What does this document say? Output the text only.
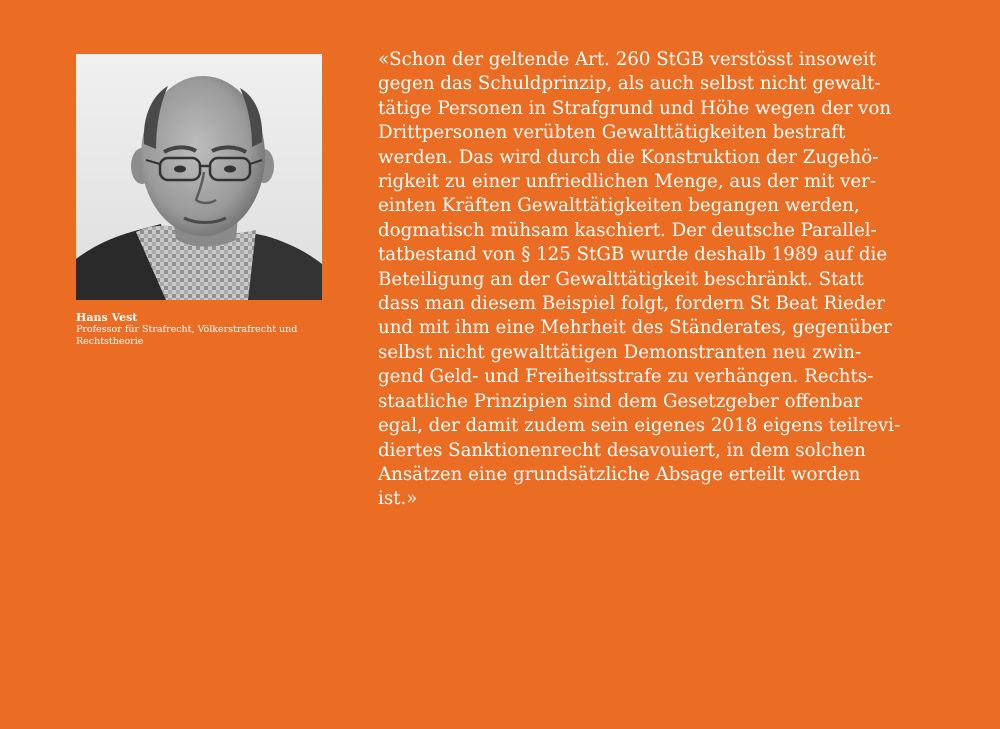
Hans Vest
Professor für Strafrecht, Völkerstrafrecht und Rechtstheorie
«Schon der geltende Art. 260 StGB verstösst insoweit
gegen das Schuldprinzip, als auch selbst nicht gewalt-
tätige Personen in Strafgrund und Höhe wegen der von
Drittpersonen verübten Gewalttätigkeiten bestraft
werden. Das wird durch die Konstruktion der Zugehö-
rigkeit zu einer unfriedlichen Menge, aus der mit ver-
einten Kräften Gewalttätigkeiten begangen werden,
dogmatisch mühsam kaschiert. Der deutsche Parallel-
tatbestand von § 125 StGB wurde deshalb 1989 auf die
Beteiligung an der Gewalttätigkeit beschränkt. Statt
dass man diesem Beispiel folgt, fordern St Beat Rieder
und mit ihm eine Mehrheit des Ständerates, gegenüber
selbst nicht gewalttätigen Demonstranten neu zwin-
gend Geld- und Freiheitsstrafe zu verhängen. Rechts-
staatliche Prinzipien sind dem Gesetzgeber offenbar
egal, der damit zudem sein eigenes 2018 eigens teilrevi-
diertes Sanktionenrecht desavouiert, in dem solchen
Ansätzen eine grundsätzliche Absage erteilt worden
ist.»
